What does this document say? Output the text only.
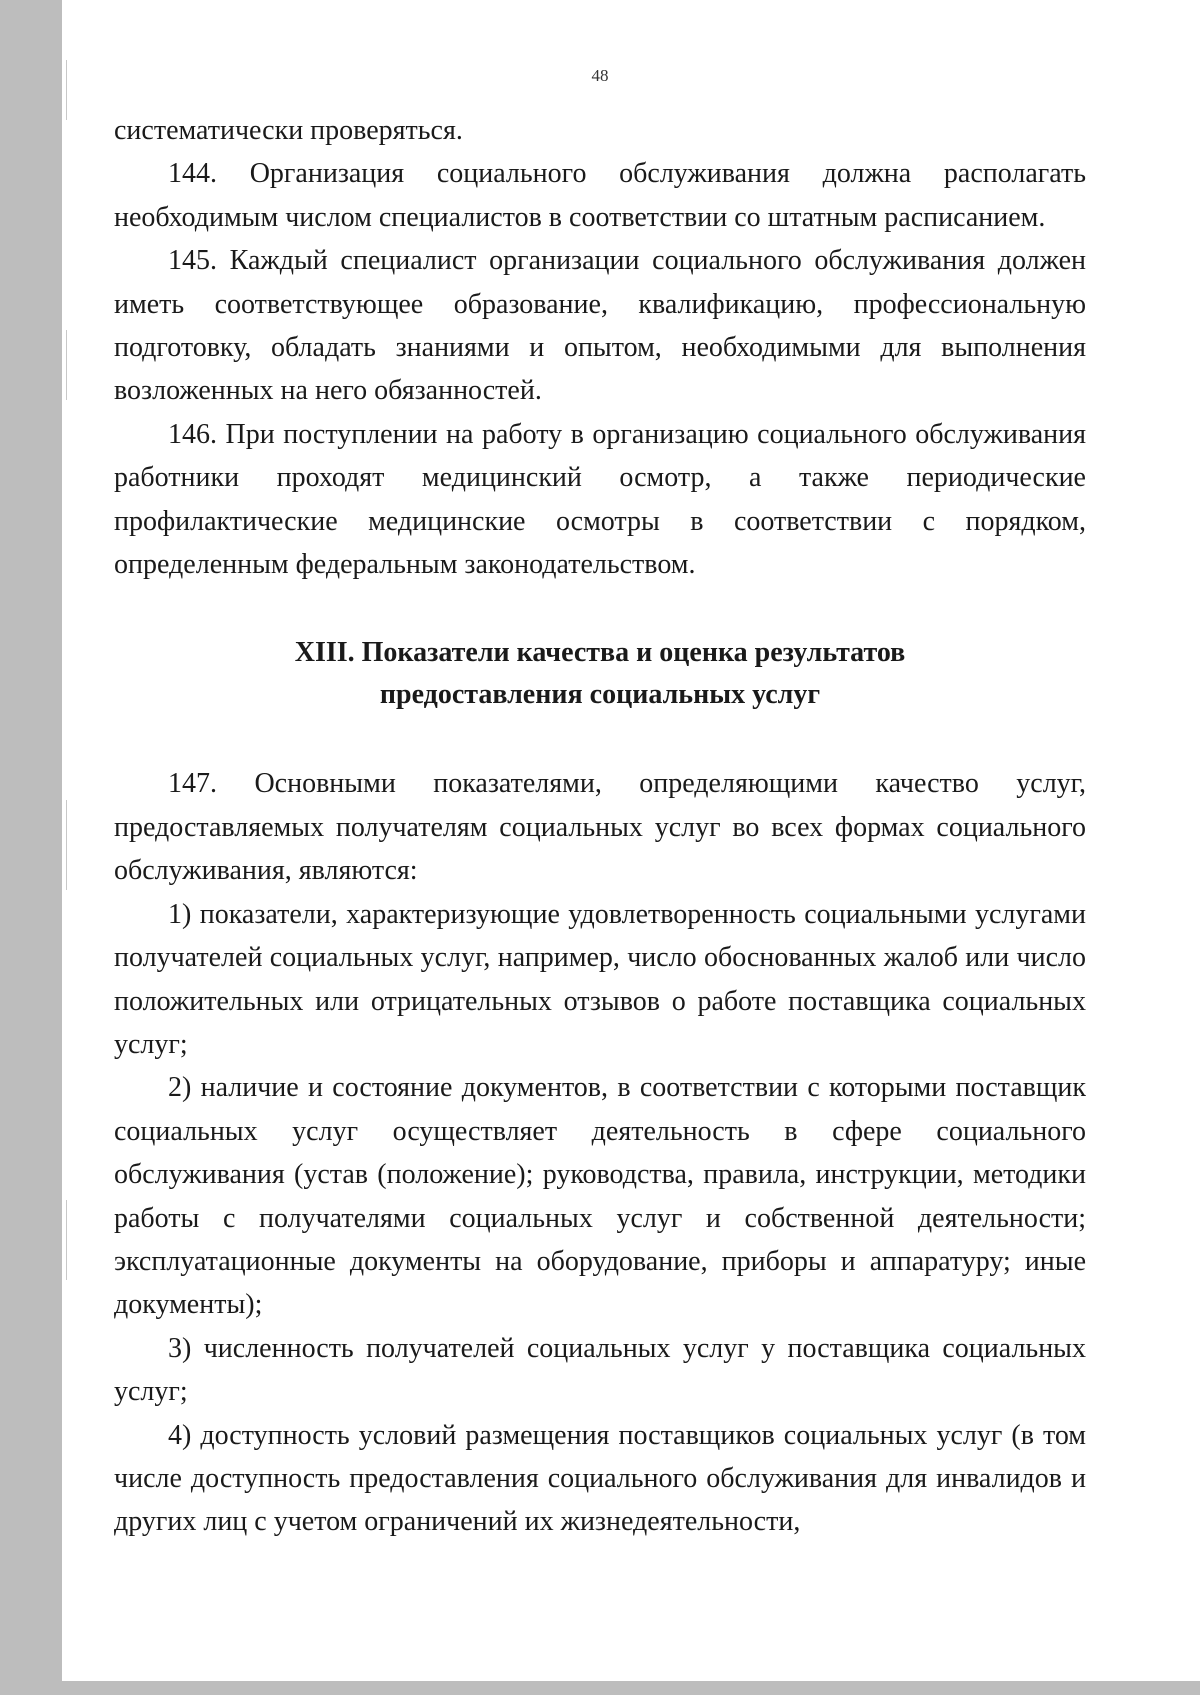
48

систематически проверяться.

144. Организация социального обслуживания должна располагать необходимым числом специалистов в соответствии со штатным расписанием.

145. Каждый специалист организации социального обслуживания должен иметь соответствующее образование, квалификацию, профессиональную подготовку, обладать знаниями и опытом, необходимыми для выполнения возложенных на него обязанностей.

146. При поступлении на работу в организацию социального обслуживания работники проходят медицинский осмотр, а также периодические профилактические медицинские осмотры в соответствии с порядком, определенным федеральным законодательством.

XIII. Показатели качества и оценка результатов

предоставления социальных услуг

147. Основными показателями, определяющими качество услуг, предоставляемых получателям социальных услуг во всех формах социального обслуживания, являются:

1) показатели, характеризующие удовлетворенность социальными услугами получателей социальных услуг, например, число обоснованных жалоб или число положительных или отрицательных отзывов о работе поставщика социальных услуг;

2) наличие и состояние документов, в соответствии с которыми поставщик социальных услуг осуществляет деятельность в сфере социального обслуживания (устав (положение); руководства, правила, инструкции, методики работы с получателями социальных услуг и собственной деятельности; эксплуатационные документы на оборудование, приборы и аппаратуру; иные документы);

3) численность получателей социальных услуг у поставщика социальных услуг;

4) доступность условий размещения поставщиков социальных услуг (в том числе доступность предоставления социального обслуживания для инвалидов и других лиц с учетом ограничений их жизнедеятельности,
